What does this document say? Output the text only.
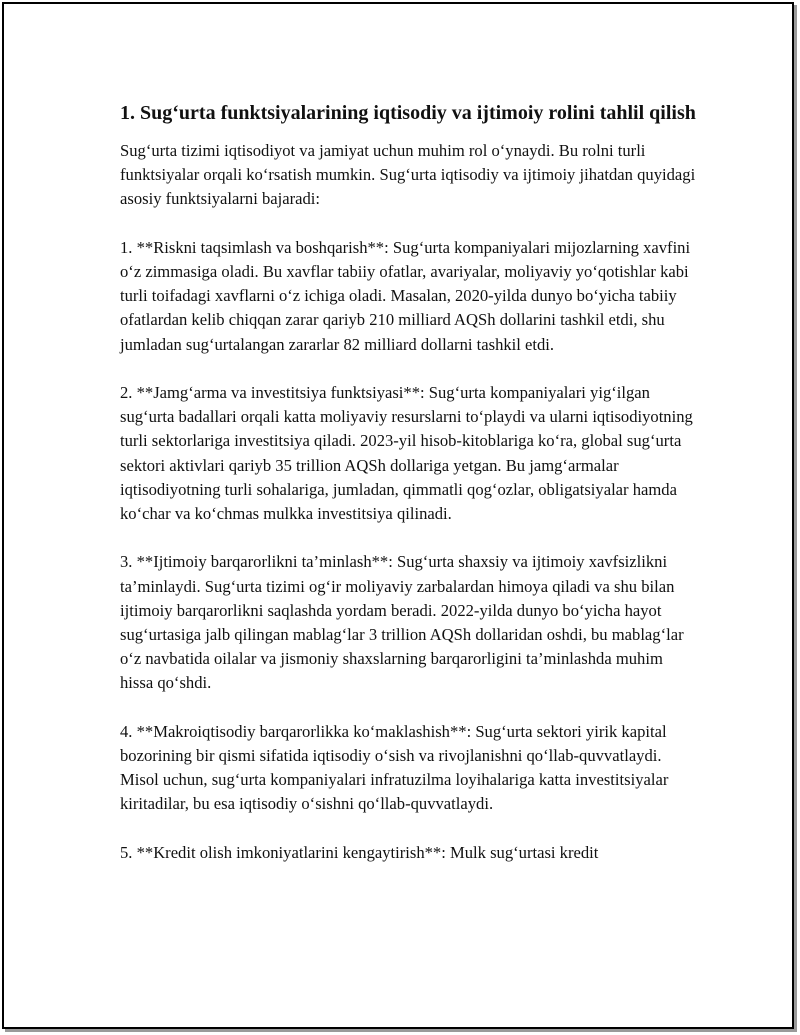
1. Sug‘urta funktsiyalarining iqtisodiy va ijtimoiy rolini tahlil qilish

Sug‘urta tizimi iqtisodiyot va jamiyat uchun muhim rol o‘ynaydi. Bu rolni turli funktsiyalar orqali ko‘rsatish mumkin. Sug‘urta iqtisodiy va ijtimoiy jihatdan quyidagi asosiy funktsiyalarni bajaradi:

1. **Riskni taqsimlash va boshqarish**: Sug‘urta kompaniyalari mijozlarning xavfini o‘z zimmasiga oladi. Bu xavflar tabiiy ofatlar, avariyalar, moliyaviy yo‘qotishlar kabi turli toifadagi xavflarni o‘z ichiga oladi. Masalan, 2020-yilda dunyo bo‘yicha tabiiy ofatlardan kelib chiqqan zarar qariyb 210 milliard AQSh dollarini tashkil etdi, shu jumladan sug‘urtalangan zararlar 82 milliard dollarni tashkil etdi.

2. **Jamg‘arma va investitsiya funktsiyasi**: Sug‘urta kompaniyalari yig‘ilgan sug‘urta badallari orqali katta moliyaviy resurslarni to‘playdi va ularni iqtisodiyotning turli sektorlariga investitsiya qiladi. 2023-yil hisob-kitoblariga ko‘ra, global sug‘urta sektori aktivlari qariyb 35 trillion AQSh dollariga yetgan. Bu jamg‘armalar iqtisodiyotning turli sohalariga, jumladan, qimmatli qog‘ozlar, obligatsiyalar hamda ko‘char va ko‘chmas mulkka investitsiya qilinadi.

3. **Ijtimoiy barqarorlikni ta’minlash**: Sug‘urta shaxsiy va ijtimoiy xavfsizlikni ta’minlaydi. Sug‘urta tizimi og‘ir moliyaviy zarbalardan himoya qiladi va shu bilan ijtimoiy barqarorlikni saqlashda yordam beradi. 2022-yilda dunyo bo‘yicha hayot sug‘urtasiga jalb qilingan mablag‘lar 3 trillion AQSh dollaridan oshdi, bu mablag‘lar o‘z navbatida oilalar va jismoniy shaxslarning barqarorligini ta’minlashda muhim hissa qo‘shdi.

4. **Makroiqtisodiy barqarorlikka ko‘maklashish**: Sug‘urta sektori yirik kapital bozorining bir qismi sifatida iqtisodiy o‘sish va rivojlanishni qo‘llab-quvvatlaydi. Misol uchun, sug‘urta kompaniyalari infratuzilma loyihalariga katta investitsiyalar kiritadilar, bu esa iqtisodiy o‘sishni qo‘llab-quvvatlaydi.

5. **Kredit olish imkoniyatlarini kengaytirish**: Mulk sug‘urtasi kredit
